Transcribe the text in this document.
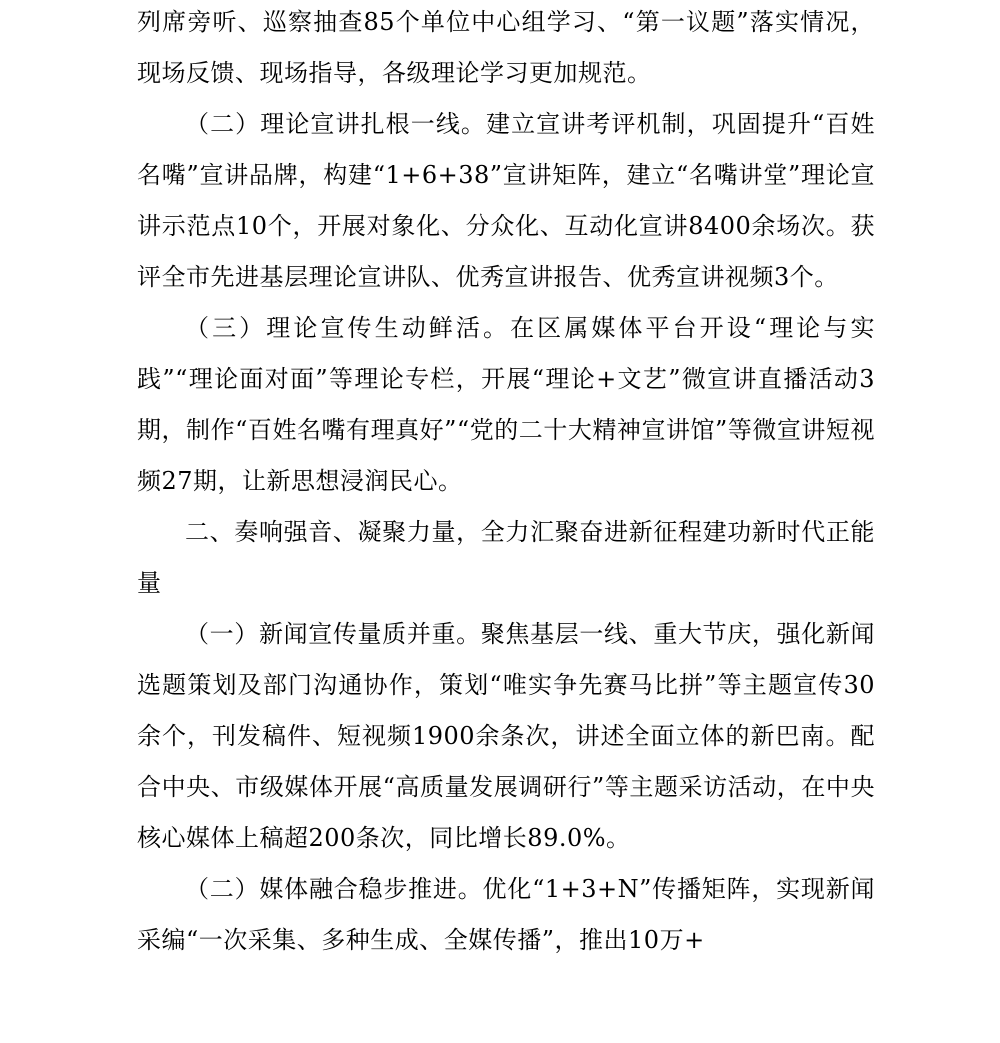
列席旁听、巡察抽查85个单位中心组学习、“第一议题”落实情况，现场反馈、现场指导，各级理论学习更加规范。

（二）理论宣讲扎根一线。建立宣讲考评机制，巩固提升“百姓名嘴”宣讲品牌，构建“1+6+38”宣讲矩阵，建立“名嘴讲堂”理论宣讲示范点10个，开展对象化、分众化、互动化宣讲8400余场次。获评全市先进基层理论宣讲队、优秀宣讲报告、优秀宣讲视频3个。

（三）理论宣传生动鲜活。在区属媒体平台开设“理论与实践”“理论面对面”等理论专栏，开展“理论+文艺”微宣讲直播活动3期，制作“百姓名嘴有理真好”“党的二十大精神宣讲馆”等微宣讲短视频27期，让新思想浸润民心。

二、奏响强音、凝聚力量，全力汇聚奋进新征程建功新时代正能量

（一）新闻宣传量质并重。聚焦基层一线、重大节庆，强化新闻选题策划及部门沟通协作，策划“唯实争先赛马比拼”等主题宣传30余个，刊发稿件、短视频1900余条次，讲述全面立体的新巴南。配合中央、市级媒体开展“高质量发展调研行”等主题采访活动，在中央核心媒体上稿超200条次，同比增长89.0%。

（二）媒体融合稳步推进。优化“1+3+N”传播矩阵，实现新闻采编“一次采集、多种生成、全媒传播”，推出10万+
